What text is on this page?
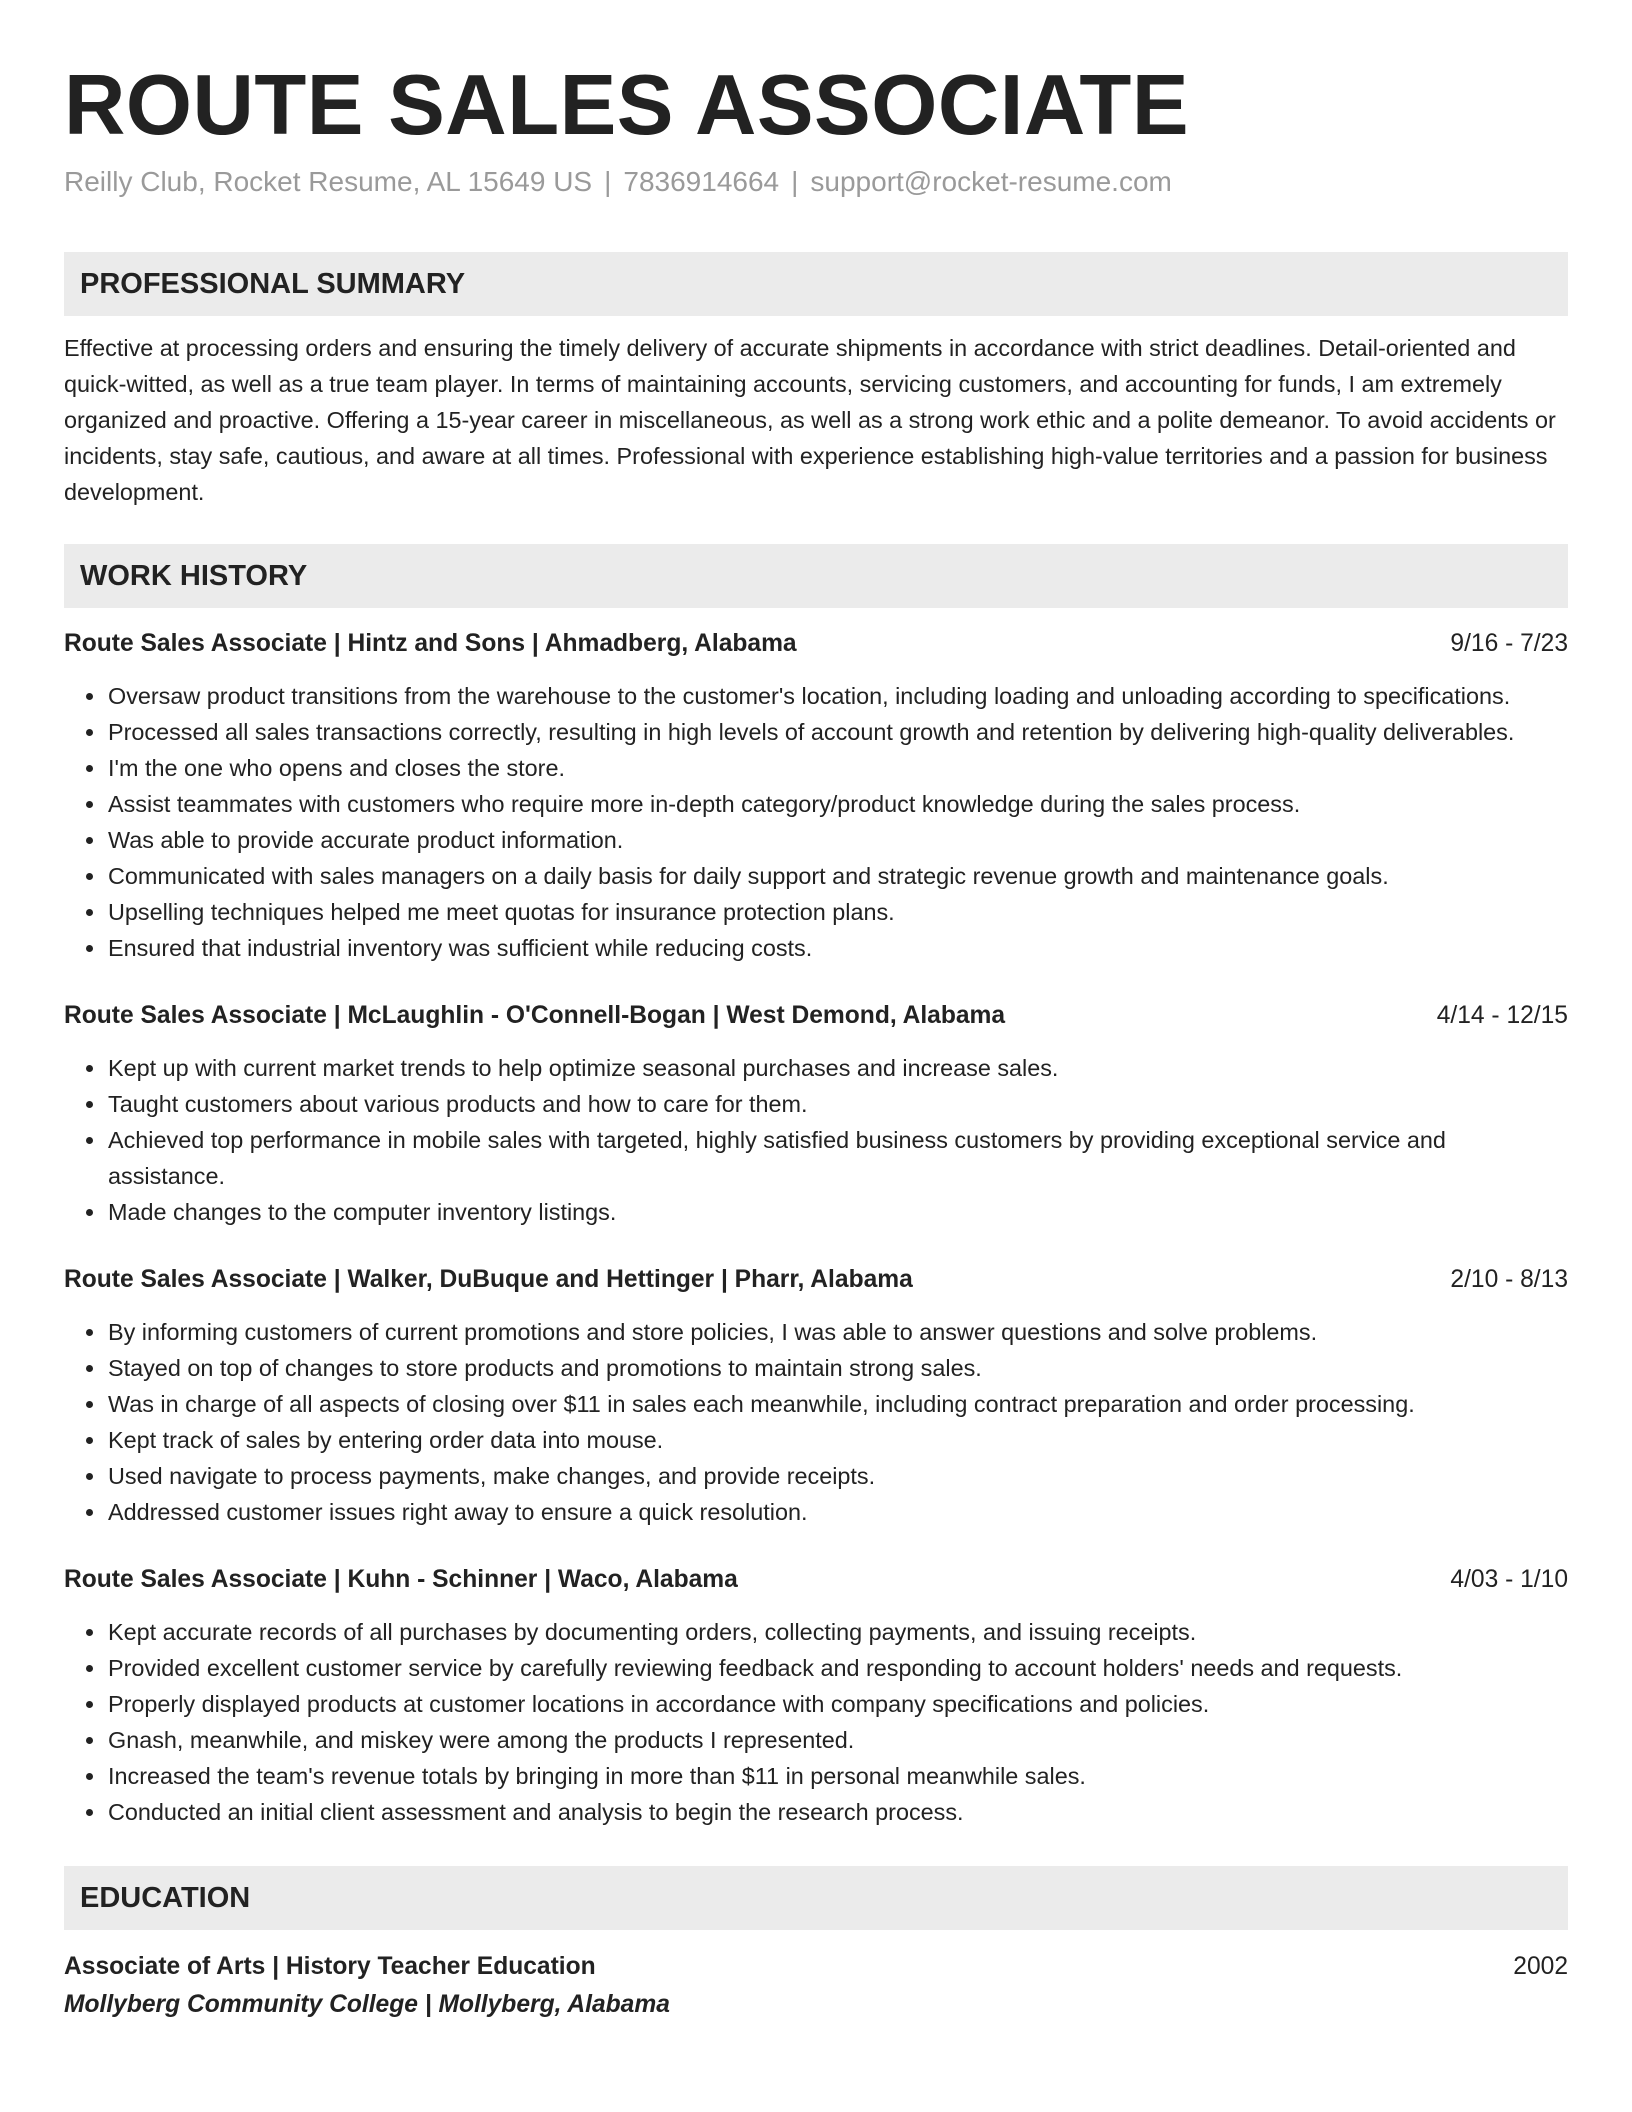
ROUTE SALES ASSOCIATE
Reilly Club, Rocket Resume, AL 15649 US | 7836914664 | support@rocket-resume.com
PROFESSIONAL SUMMARY
Effective at processing orders and ensuring the timely delivery of accurate shipments in accordance with strict deadlines. Detail-oriented and quick-witted, as well as a true team player. In terms of maintaining accounts, servicing customers, and accounting for funds, I am extremely organized and proactive. Offering a 15-year career in miscellaneous, as well as a strong work ethic and a polite demeanor. To avoid accidents or incidents, stay safe, cautious, and aware at all times. Professional with experience establishing high-value territories and a passion for business development.
WORK HISTORY
Route Sales Associate | Hintz and Sons | Ahmadberg, Alabama	9/16 - 7/23
• Oversaw product transitions from the warehouse to the customer's location, including loading and unloading according to specifications.
• Processed all sales transactions correctly, resulting in high levels of account growth and retention by delivering high-quality deliverables.
• I'm the one who opens and closes the store.
• Assist teammates with customers who require more in-depth category/product knowledge during the sales process.
• Was able to provide accurate product information.
• Communicated with sales managers on a daily basis for daily support and strategic revenue growth and maintenance goals.
• Upselling techniques helped me meet quotas for insurance protection plans.
• Ensured that industrial inventory was sufficient while reducing costs.
Route Sales Associate | McLaughlin - O'Connell-Bogan | West Demond, Alabama	4/14 - 12/15
• Kept up with current market trends to help optimize seasonal purchases and increase sales.
• Taught customers about various products and how to care for them.
• Achieved top performance in mobile sales with targeted, highly satisfied business customers by providing exceptional service and assistance.
• Made changes to the computer inventory listings.
Route Sales Associate | Walker, DuBuque and Hettinger | Pharr, Alabama	2/10 - 8/13
• By informing customers of current promotions and store policies, I was able to answer questions and solve problems.
• Stayed on top of changes to store products and promotions to maintain strong sales.
• Was in charge of all aspects of closing over $11 in sales each meanwhile, including contract preparation and order processing.
• Kept track of sales by entering order data into mouse.
• Used navigate to process payments, make changes, and provide receipts.
• Addressed customer issues right away to ensure a quick resolution.
Route Sales Associate | Kuhn - Schinner | Waco, Alabama	4/03 - 1/10
• Kept accurate records of all purchases by documenting orders, collecting payments, and issuing receipts.
• Provided excellent customer service by carefully reviewing feedback and responding to account holders' needs and requests.
• Properly displayed products at customer locations in accordance with company specifications and policies.
• Gnash, meanwhile, and miskey were among the products I represented.
• Increased the team's revenue totals by bringing in more than $11 in personal meanwhile sales.
• Conducted an initial client assessment and analysis to begin the research process.
EDUCATION
Associate of Arts | History Teacher Education	2002
Mollyberg Community College | Mollyberg, Alabama
